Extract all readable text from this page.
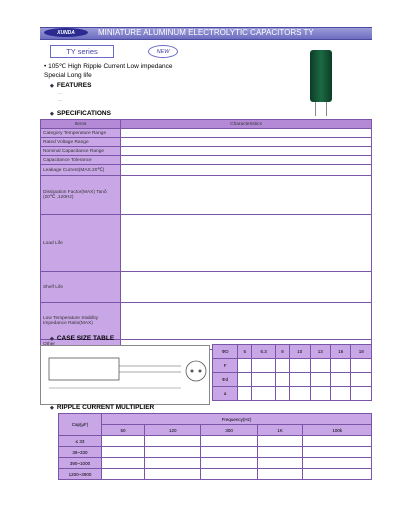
XUNDA	MINIATURE ALUMINUM ELECTROLYTIC CAPACITORS TY
TY series	NEW
• 105℃ High Ripple Current Low impedance
Special Long life
◆ FEATURES
...
...
◆ SPECIFICATIONS
Items	Characteristics
Category Temperature Range	
Rated Voltage Range	
Nominal Capacitance Range	
Capacitance Tolerance	
Leakage Current(MAX.20℃)	
Dissipation Factor(MAX) Tanδ (20℃ ,120Hz)	
Load Life	
Shelf Life	
Low Temperature Stability Impedance Ratio(MAX)	

◆ CASE SIZE TABLE
ΦD	5	6.3	8	10	13	16	18
F							
Φd							
a							
◆ RIPPLE CURRENT MULTIPLIER
Cap(μF)	Frequency(Hz)				
	50	120	300	1K	100k
≤ 33					
39~330					
390~1000					
1200~3900					
